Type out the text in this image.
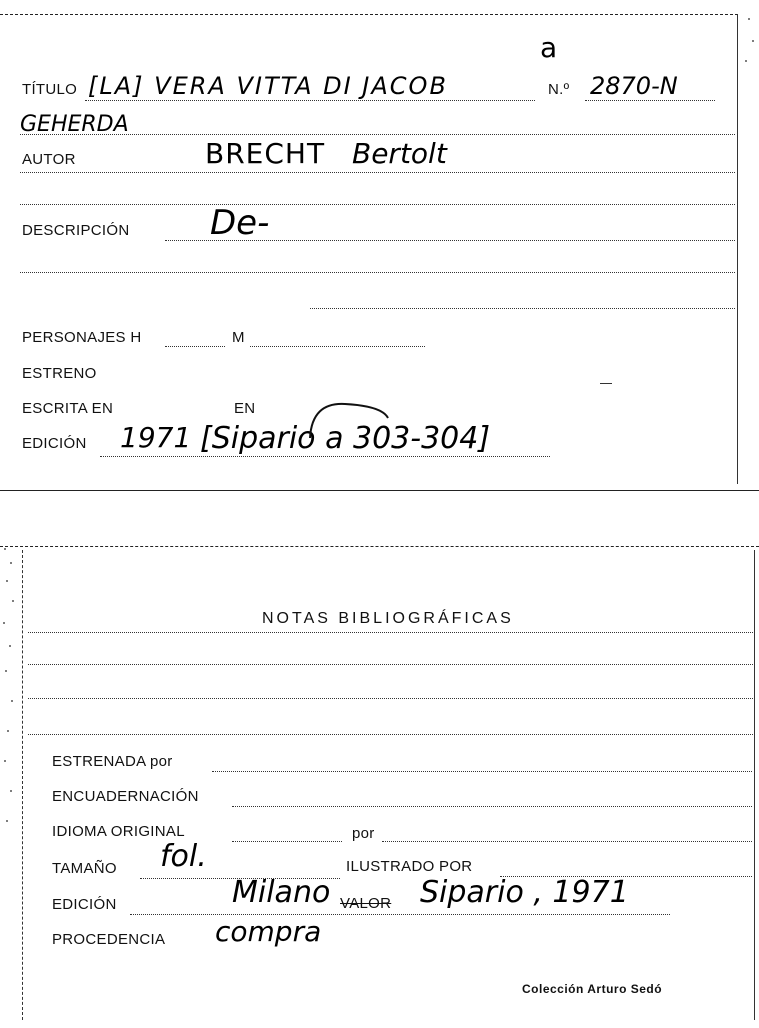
a
TÍTULO [LA] VERA VITTA DI JACOB	N.º 2870-N
GEHERDA
AUTOR	BRECHT Bertolt
DESCRIPCIÓN De-
PERSONAJES H	M
ESTRENO
ESCRITA EN	EN
EDICIÓN 1971 [Sipario a 303-304]
NOTAS BIBLIOGRÁFICAS
ESTRENADA por
ENCUADERNACIÓN
IDIOMA ORIGINAL	por
TAMAÑO fol.	ILUSTRADO POR
EDICIÓN	Milano VALOR Sipario , 1971
PROCEDENCIA compra
Colección Arturo Sedó
